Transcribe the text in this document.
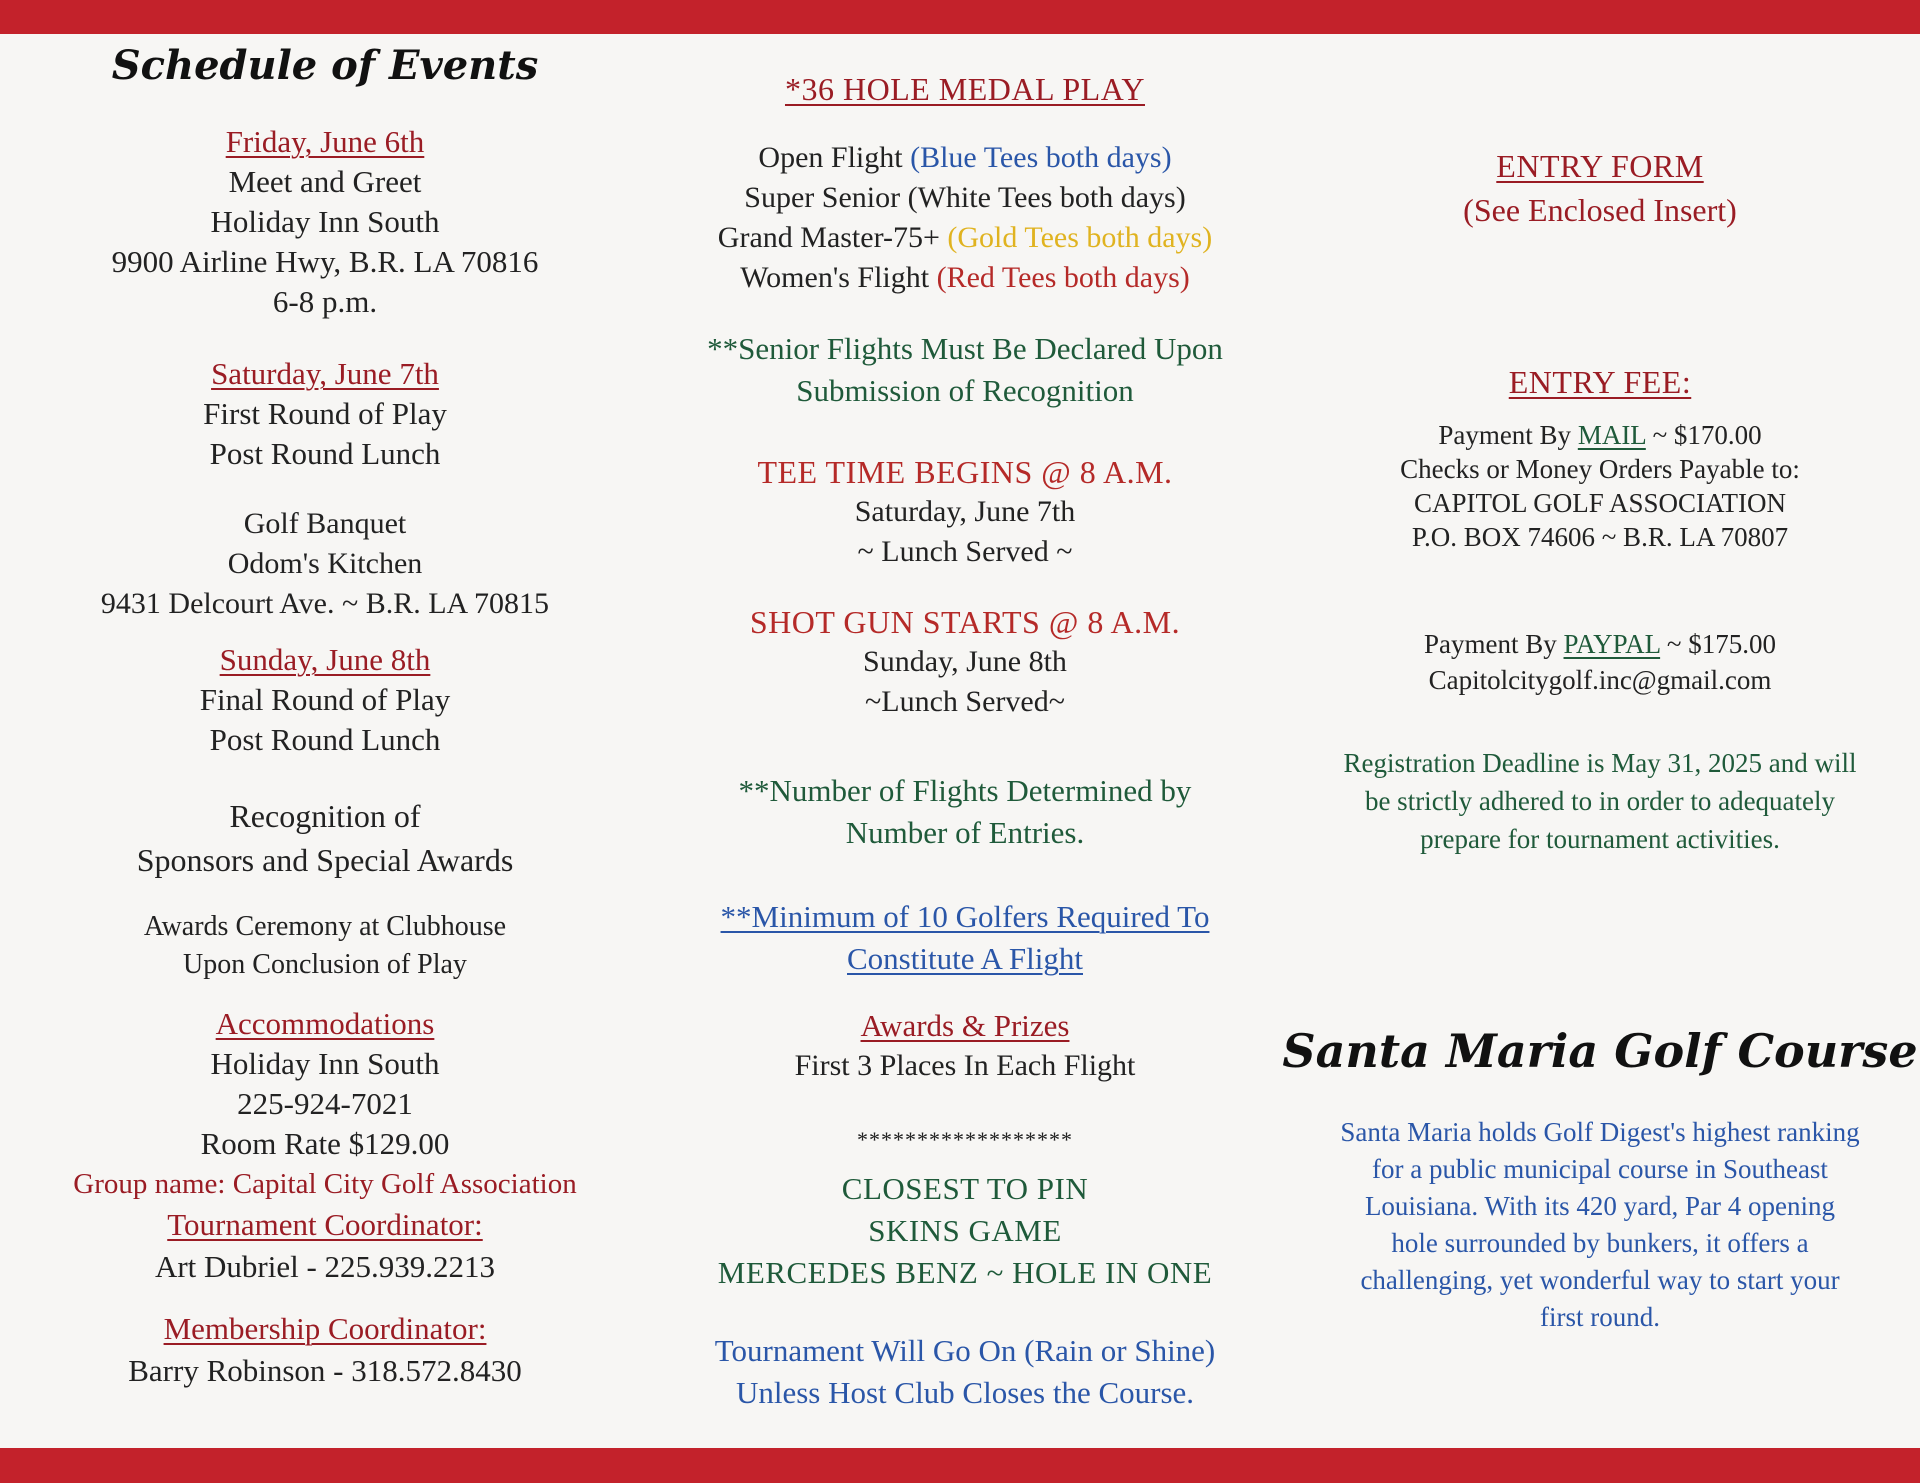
Schedule of Events
Friday, June 6th
Meet and Greet
Holiday Inn South
9900 Airline Hwy, B.R. LA 70816
6-8 p.m.
Saturday, June 7th
First Round of Play
Post Round Lunch
Golf Banquet
Odom's Kitchen
9431 Delcourt Ave. ~ B.R. LA 70815
Sunday, June 8th
Final Round of Play
Post Round Lunch
Recognition of
Sponsors and Special Awards
Awards Ceremony at Clubhouse
Upon Conclusion of Play
Accommodations
Holiday Inn South
225-924-7021
Room Rate $129.00
Group name: Capital City Golf Association
Tournament Coordinator:
Art Dubriel - 225.939.2213
Membership Coordinator:
Barry Robinson - 318.572.8430
*36 HOLE MEDAL PLAY
Open Flight (Blue Tees both days)
Super Senior (White Tees both days)
Grand Master-75+ (Gold Tees both days)
Women's Flight (Red Tees both days)
**Senior Flights Must Be Declared Upon
Submission of Recognition
TEE TIME BEGINS @ 8 A.M.
Saturday, June 7th
~ Lunch Served ~
SHOT GUN STARTS @ 8 A.M.
Sunday, June 8th
~Lunch Served~
**Number of Flights Determined by
Number of Entries.
**Minimum of 10 Golfers Required To
Constitute A Flight
Awards & Prizes
First 3 Places In Each Flight
******************
CLOSEST TO PIN
SKINS GAME
MERCEDES BENZ ~ HOLE IN ONE
Tournament Will Go On (Rain or Shine)
Unless Host Club Closes the Course.
ENTRY FORM
(See Enclosed Insert)
ENTRY FEE:
Payment By MAIL ~ $170.00
Checks or Money Orders Payable to:
CAPITOL GOLF ASSOCIATION
P.O. BOX 74606 ~ B.R. LA 70807
Payment By PAYPAL ~ $175.00
Capitolcitygolf.inc@gmail.com
Registration Deadline is May 31, 2025 and will
be strictly adhered to in order to adequately
prepare for tournament activities.
Santa Maria Golf Course
Santa Maria holds Golf Digest's highest ranking
for a public municipal course in Southeast
Louisiana. With its 420 yard, Par 4 opening
hole surrounded by bunkers, it offers a
challenging, yet wonderful way to start your
first round.
